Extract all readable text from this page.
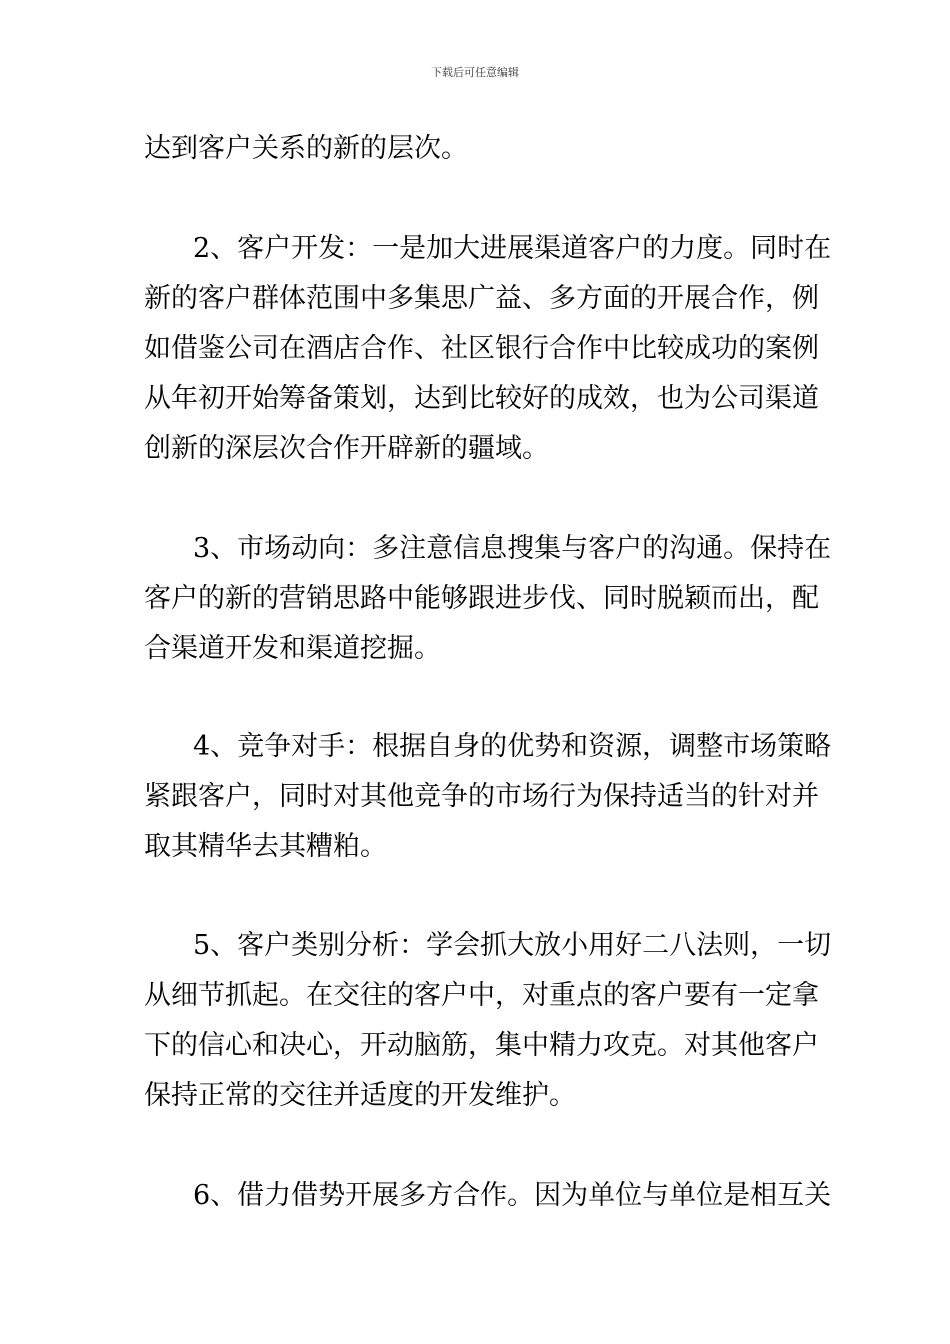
下载后可任意编辑
达到客户关系的新的层次。
2、客户开发：一是加大进展渠道客户的力度。同时在
新的客户群体范围中多集思广益、多方面的开展合作，例
如借鉴公司在酒店合作、社区银行合作中比较成功的案例
从年初开始筹备策划，达到比较好的成效，也为公司渠道
创新的深层次合作开辟新的疆域。
3、市场动向：多注意信息搜集与客户的沟通。保持在
客户的新的营销思路中能够跟进步伐、同时脱颖而出，配
合渠道开发和渠道挖掘。
4、竞争对手：根据自身的优势和资源，调整市场策略
紧跟客户，同时对其他竞争的市场行为保持适当的针对并
取其精华去其糟粕。
5、客户类别分析：学会抓大放小用好二八法则，一切
从细节抓起。在交往的客户中，对重点的客户要有一定拿
下的信心和决心，开动脑筋，集中精力攻克。对其他客户
保持正常的交往并适度的开发维护。
6、借力借势开展多方合作。因为单位与单位是相互关
